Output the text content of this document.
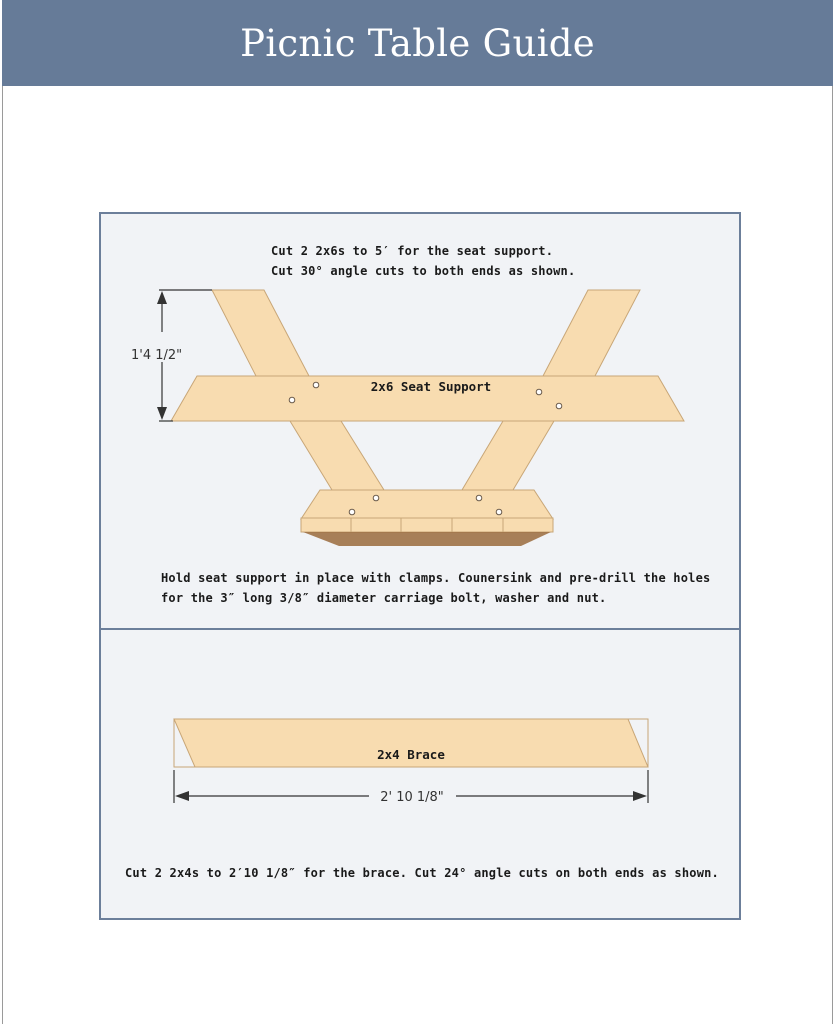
Picnic Table Guide
Cut 2 2x6s to 5′ for the seat support.
Cut 30° angle cuts to both ends as shown.
2x6 Seat Support
1'4 1/2"
Hold seat support in place with clamps. Counersink and pre-drill the holes
for the 3″ long 3/8″ diameter carriage bolt, washer and nut.
2x4 Brace
2' 10 1/8"
Cut 2 2x4s to 2′10 1/8″ for the brace. Cut 24° angle cuts on both ends as shown.
